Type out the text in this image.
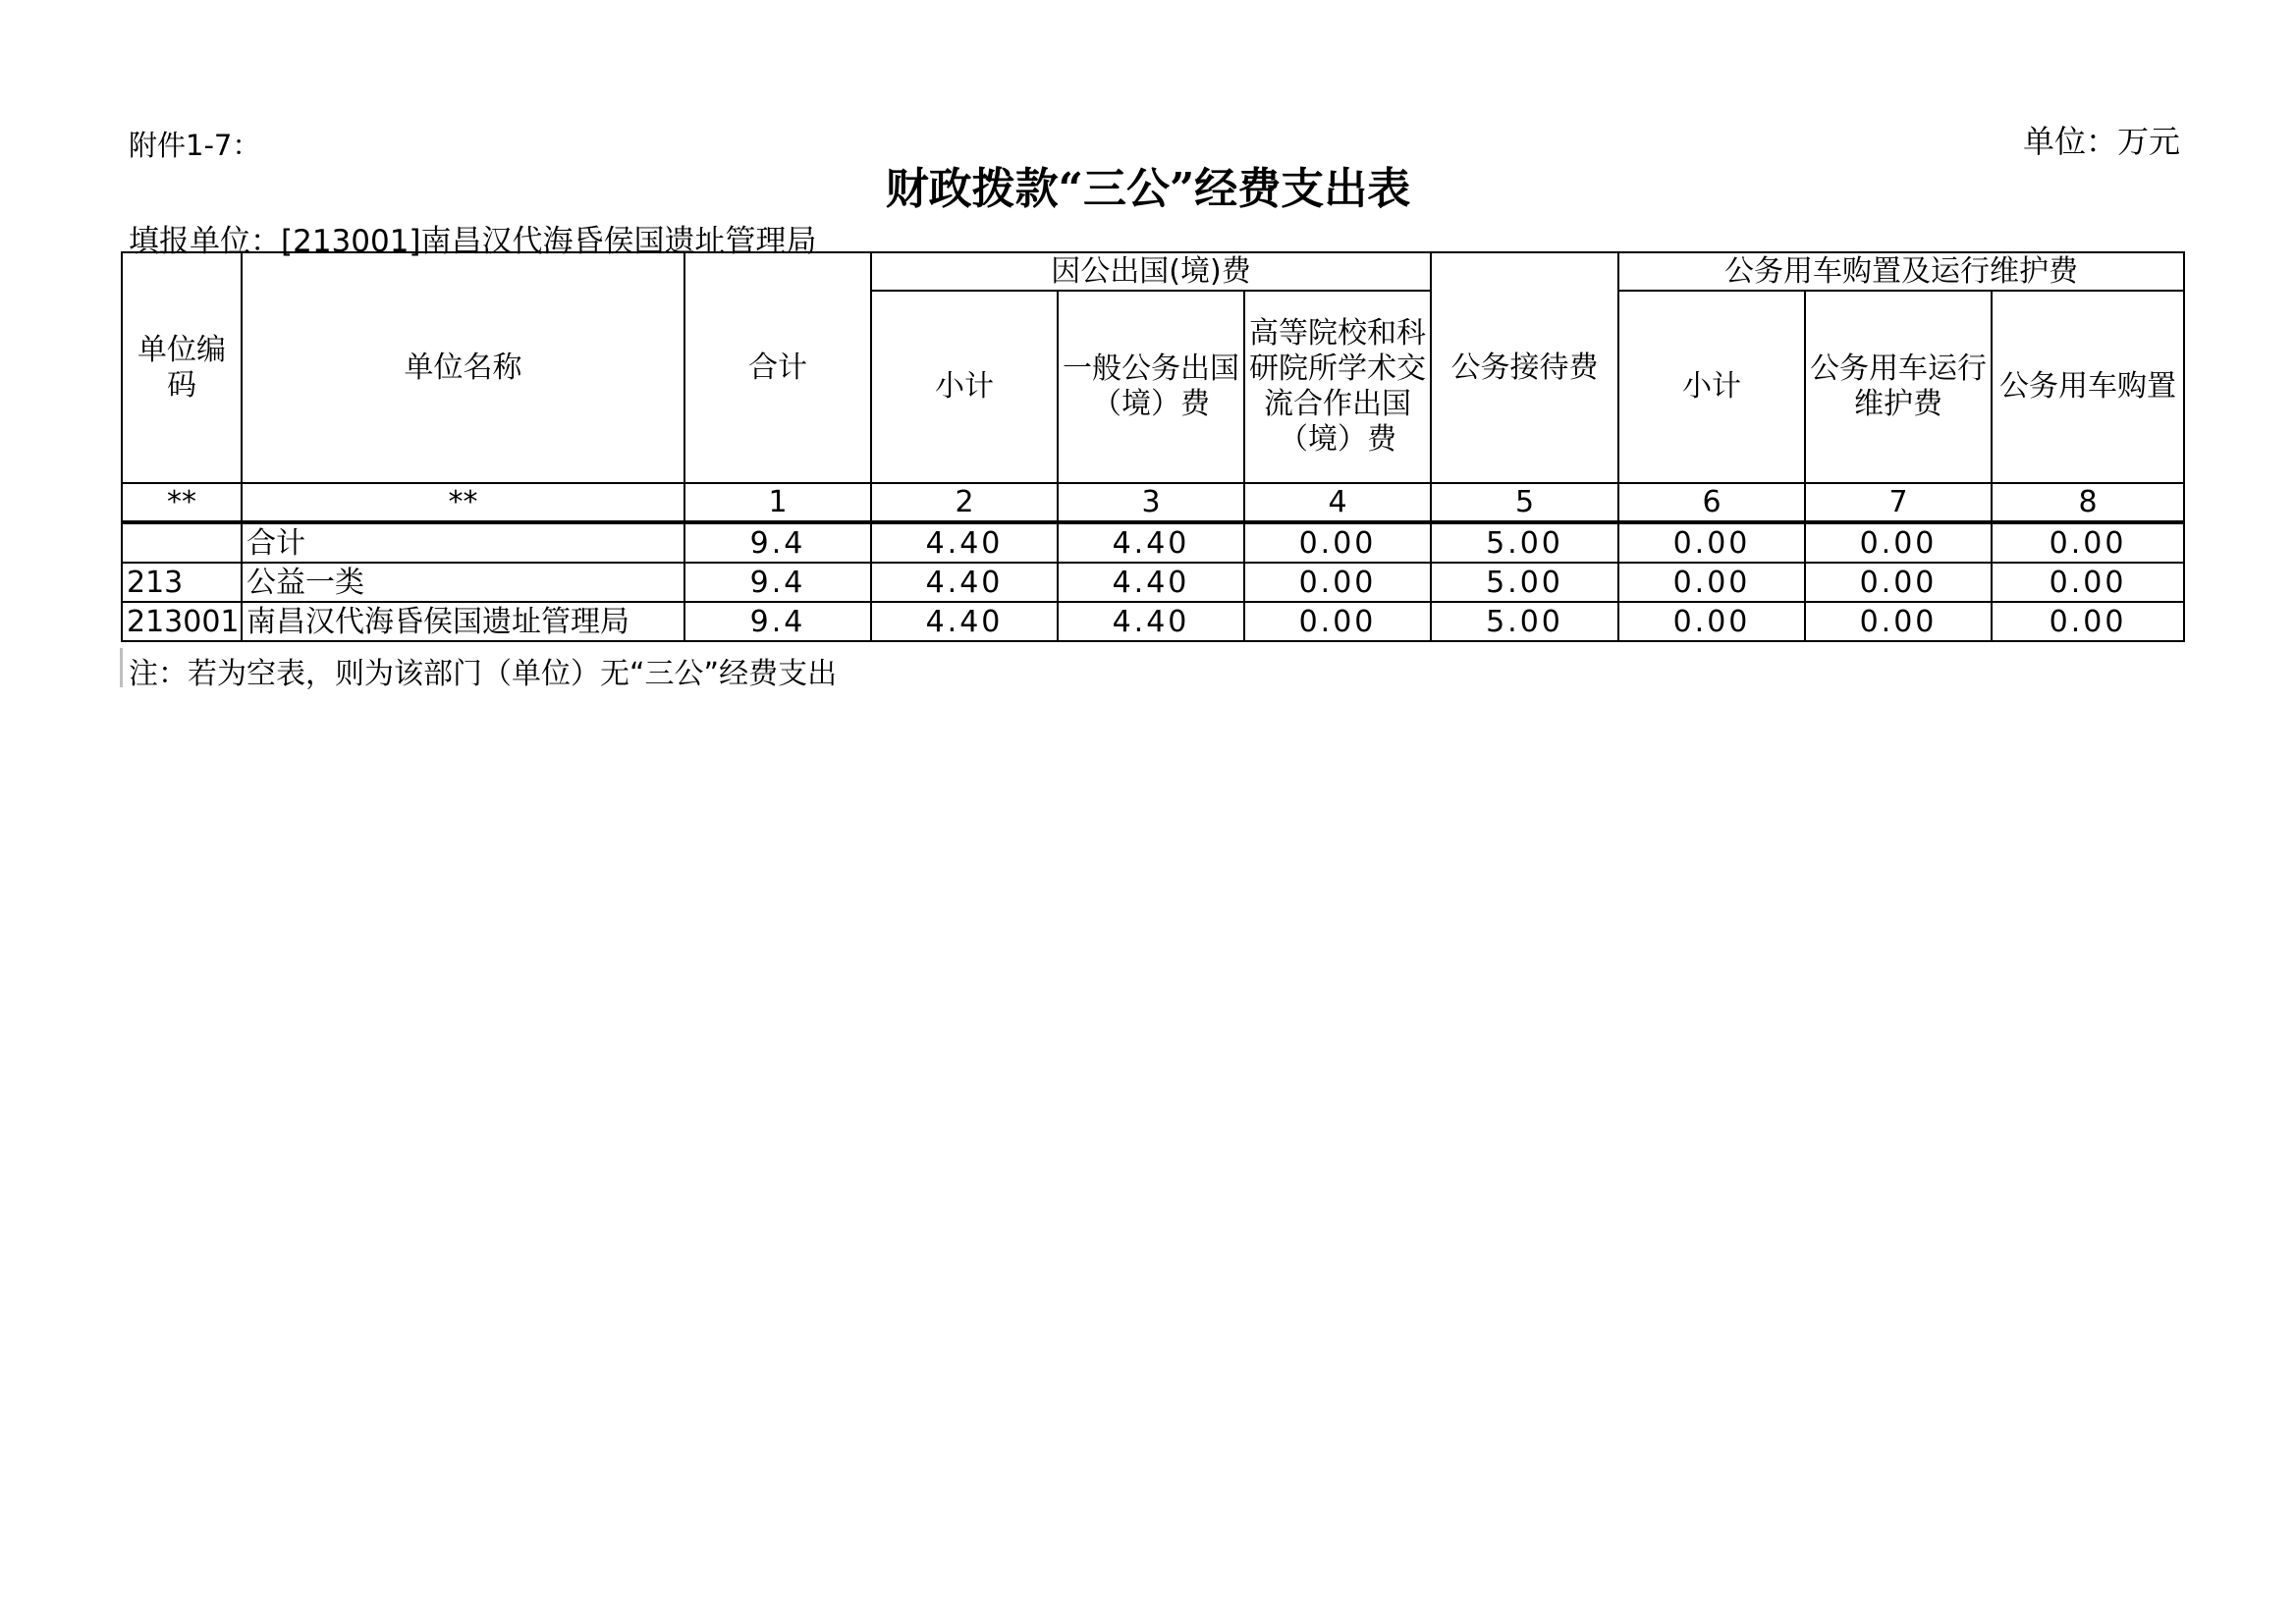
附件1-7：	单位：万元
财政拨款“三公”经费支出表
填报单位：[213001]南昌汉代海昏侯国遗址管理局
单位编码	单位名称	合计	因公出国(境)费			公务接待费	公务用车购置及运行维护费		
			小计	一般公务出国（境）费	高等院校和科研院所学术交流合作出国（境）费		小计	公务用车运行维护费	公务用车购置
**	**	1	2	3	4	5	6	7	8
	合计	9.4	4.40	4.40	0.00	5.00	0.00	0.00	0.00
213	公益一类	9.4	4.40	4.40	0.00	5.00	0.00	0.00	0.00
213001	南昌汉代海昏侯国遗址管理局	9.4	4.40	4.40	0.00	5.00	0.00	0.00	0.00
注：若为空表，则为该部门（单位）无“三公”经费支出
